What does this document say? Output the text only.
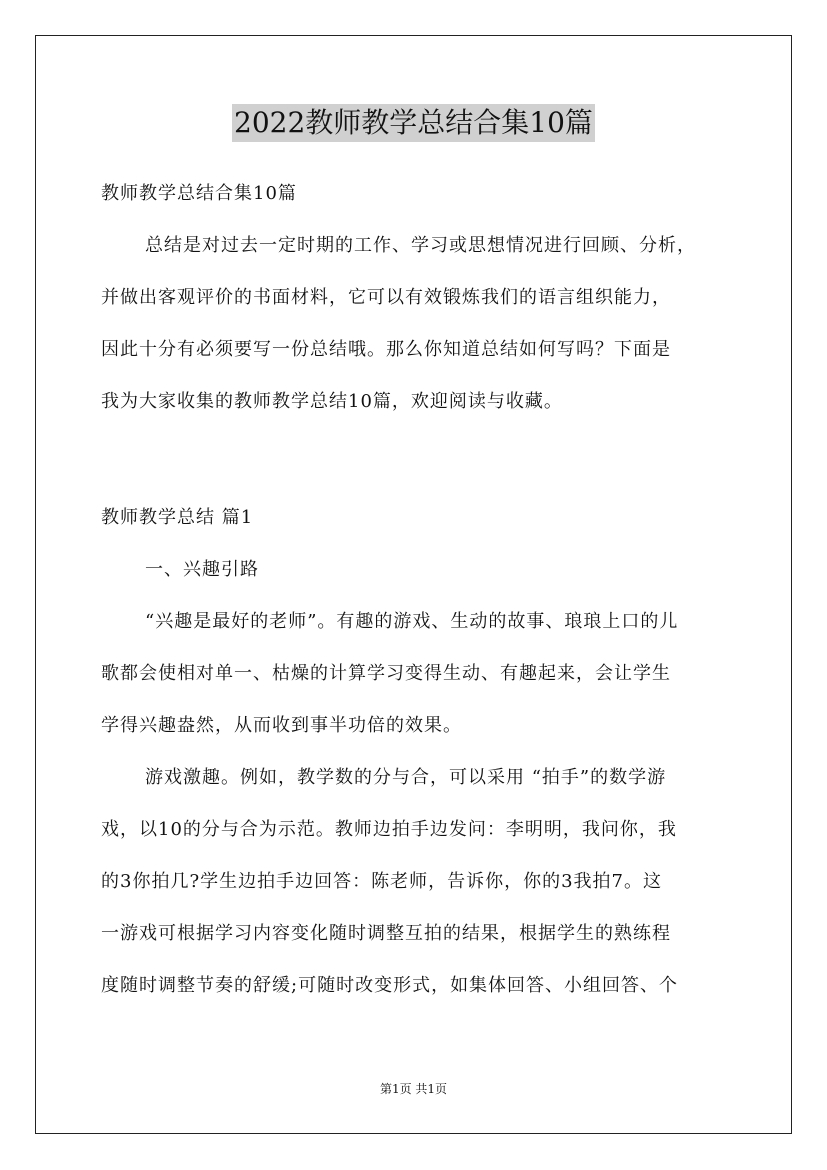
2022教师教学总结合集10篇
教师教学总结合集10篇
总结是对过去一定时期的工作、学习或思想情况进行回顾、分析，
并做出客观评价的书面材料，它可以有效锻炼我们的语言组织能力，
因此十分有必须要写一份总结哦。那么你知道总结如何写吗？下面是
我为大家收集的教师教学总结10篇，欢迎阅读与收藏。
教师教学总结 篇1
一、兴趣引路
“兴趣是最好的老师”。有趣的游戏、生动的故事、琅琅上口的儿
歌都会使相对单一、枯燥的计算学习变得生动、有趣起来，会让学生
学得兴趣盎然，从而收到事半功倍的效果。
游戏激趣。例如，教学数的分与合，可以采用 “拍手”的数学游
戏，以10的分与合为示范。教师边拍手边发问：李明明，我问你，我
的3你拍几?学生边拍手边回答：陈老师，告诉你，你的3我拍7。这
一游戏可根据学习内容变化随时调整互拍的结果，根据学生的熟练程
度随时调整节奏的舒缓;可随时改变形式，如集体回答、小组回答、个
第1页 共1页
